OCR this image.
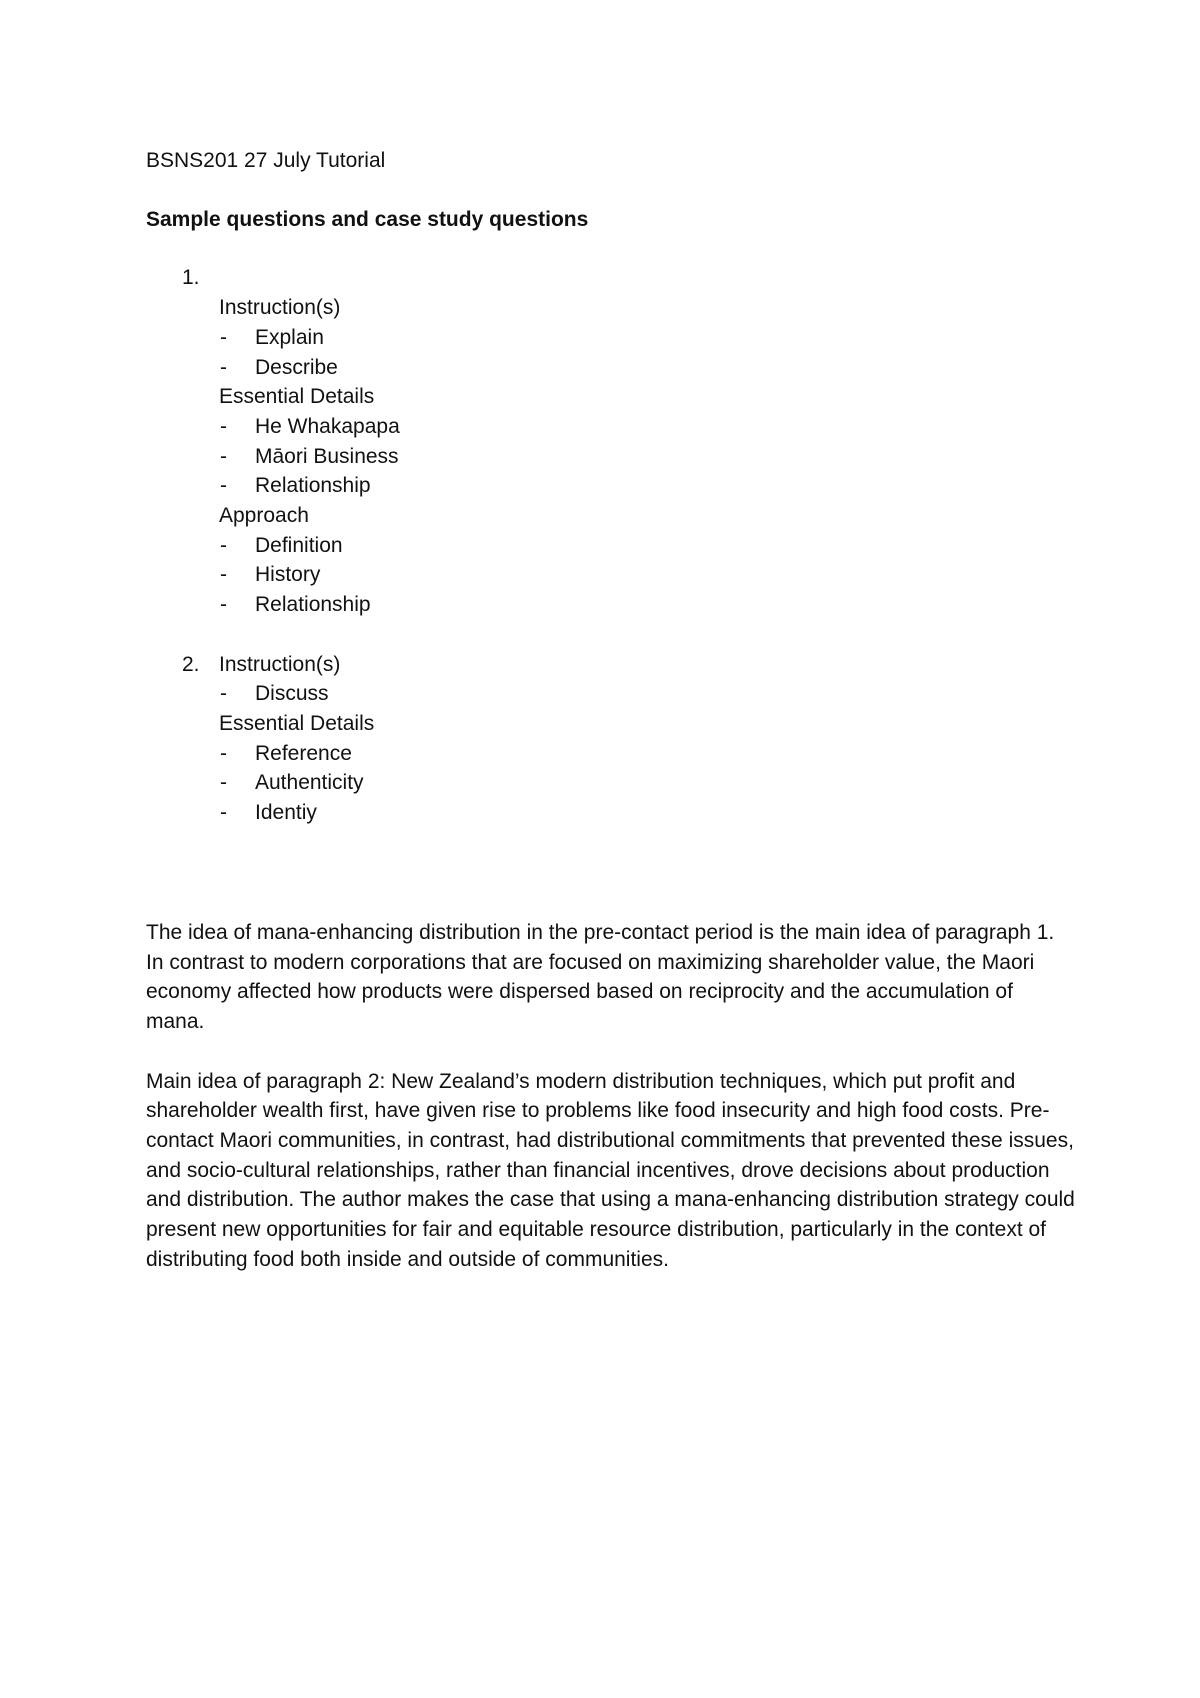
BSNS201 27 July Tutorial

Sample questions and case study questions

1.
Instruction(s)
- Explain
- Describe
Essential Details
- He Whakapapa
- Māori Business
- Relationship
Approach
- Definition
- History
- Relationship
2. Instruction(s)
- Discuss
Essential Details
- Reference
- Authenticity
- Identiy

The idea of mana-enhancing distribution in the pre-contact period is the main idea of paragraph 1. In contrast to modern corporations that are focused on maximizing shareholder value, the Maori economy affected how products were dispersed based on reciprocity and the accumulation of mana.

Main idea of paragraph 2: New Zealand’s modern distribution techniques, which put profit and shareholder wealth first, have given rise to problems like food insecurity and high food costs. Pre-contact Maori communities, in contrast, had distributional commitments that prevented these issues, and socio-cultural relationships, rather than financial incentives, drove decisions about production and distribution. The author makes the case that using a mana-enhancing distribution strategy could present new opportunities for fair and equitable resource distribution, particularly in the context of distributing food both inside and outside of communities.
